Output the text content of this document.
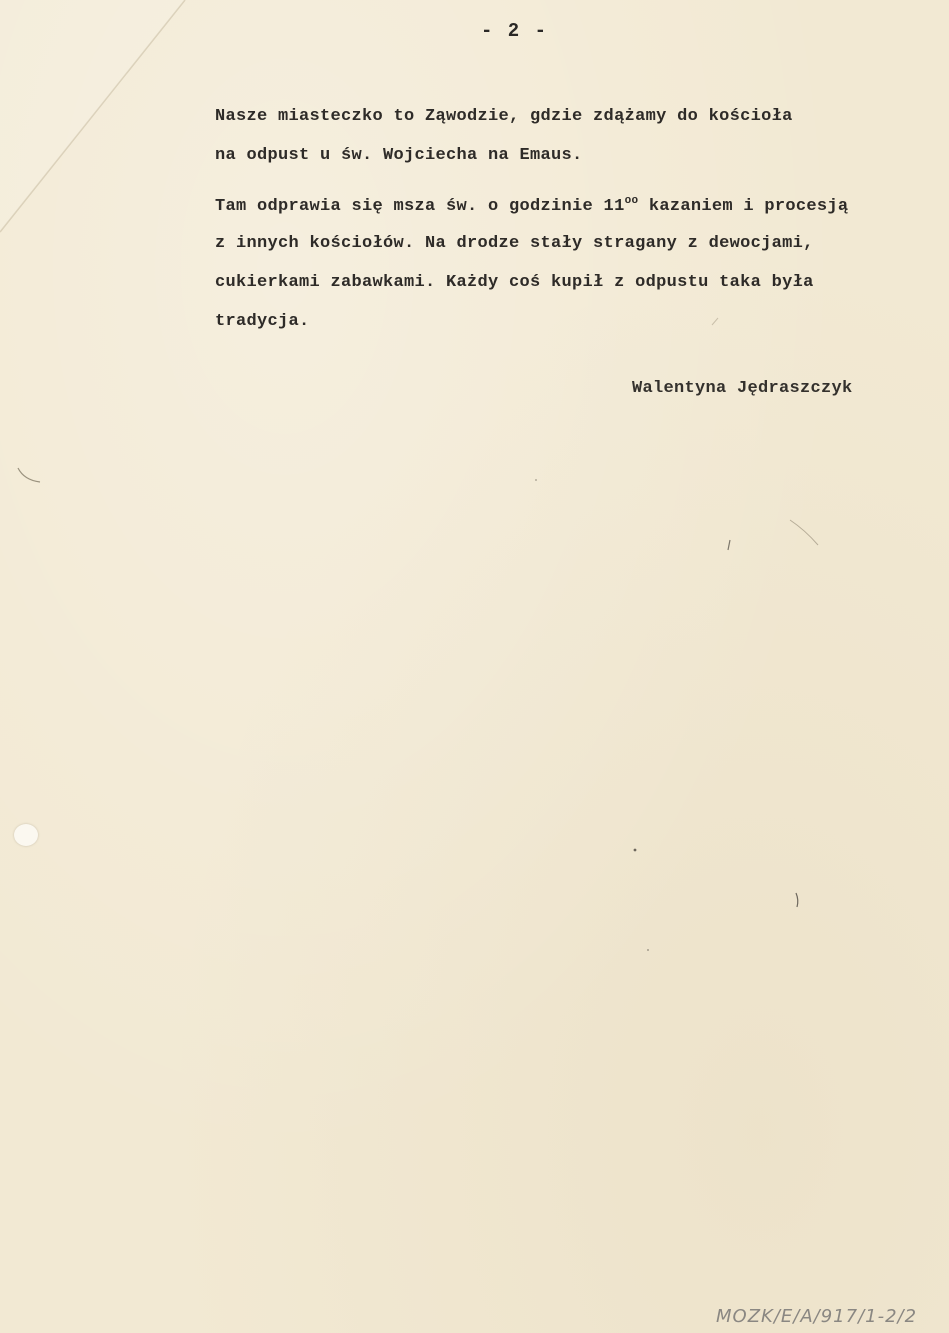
- 2 -
Nasze miasteczko to Ząwodzie, gdzie zdążamy do kościoła
na odpust u św. Wojciecha na Emaus.
Tam odprawia się msza św. o godzinie $11^{oo}$ kazaniem i procesją
z innych kościołów. Na drodze stały stragany z dewocjami,
cukierkami zabawkami. Każdy coś kupił z odpustu taka była
tradycja.
Walentyna Jędraszczyk
MOZK/E/A/917/1-2/2
